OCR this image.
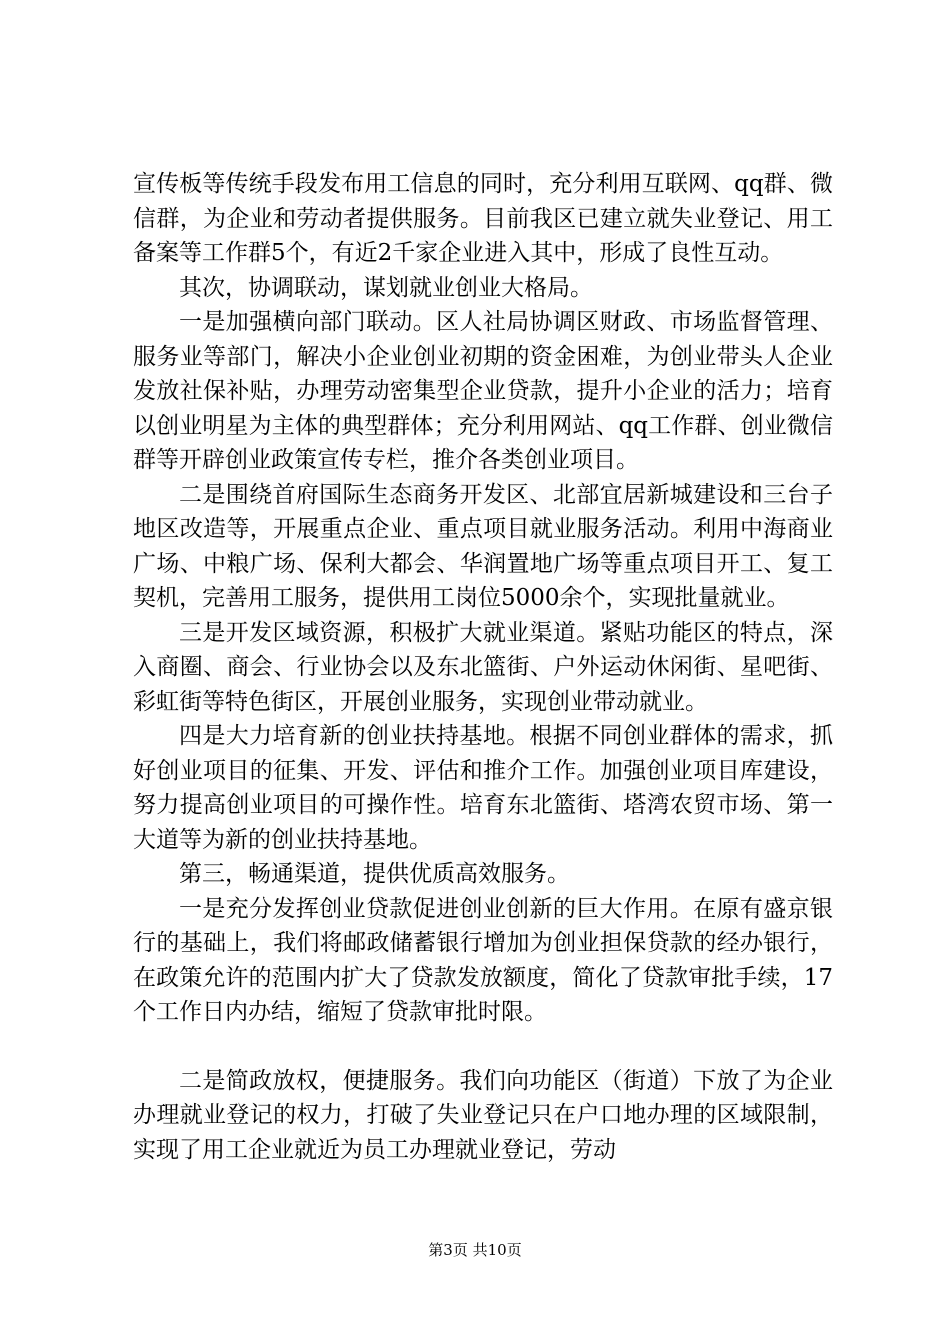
宣传板等传统手段发布用工信息的同时，充分利用互联网、qq群、微信群，为企业和劳动者提供服务。目前我区已建立就失业登记、用工备案等工作群5个，有近2千家企业进入其中，形成了良性互动。

其次，协调联动，谋划就业创业大格局。

一是加强横向部门联动。区人社局协调区财政、市场监督管理、服务业等部门，解决小企业创业初期的资金困难，为创业带头人企业发放社保补贴，办理劳动密集型企业贷款，提升小企业的活力；培育以创业明星为主体的典型群体；充分利用网站、qq工作群、创业微信群等开辟创业政策宣传专栏，推介各类创业项目。

二是围绕首府国际生态商务开发区、北部宜居新城建设和三台子地区改造等，开展重点企业、重点项目就业服务活动。利用中海商业广场、中粮广场、保利大都会、华润置地广场等重点项目开工、复工契机，完善用工服务，提供用工岗位5000余个，实现批量就业。

三是开发区域资源，积极扩大就业渠道。紧贴功能区的特点，深入商圈、商会、行业协会以及东北篮街、户外运动休闲街、星吧街、彩虹街等特色街区，开展创业服务，实现创业带动就业。

四是大力培育新的创业扶持基地。根据不同创业群体的需求，抓好创业项目的征集、开发、评估和推介工作。加强创业项目库建设，努力提高创业项目的可操作性。培育东北篮街、塔湾农贸市场、第一大道等为新的创业扶持基地。

第三，畅通渠道，提供优质高效服务。

一是充分发挥创业贷款促进创业创新的巨大作用。在原有盛京银行的基础上，我们将邮政储蓄银行增加为创业担保贷款的经办银行，在政策允许的范围内扩大了贷款发放额度，简化了贷款审批手续，17个工作日内办结，缩短了贷款审批时限。

二是简政放权，便捷服务。我们向功能区（街道）下放了为企业办理就业登记的权力，打破了失业登记只在户口地办理的区域限制，实现了用工企业就近为员工办理就业登记，劳动

第3页 共10页
